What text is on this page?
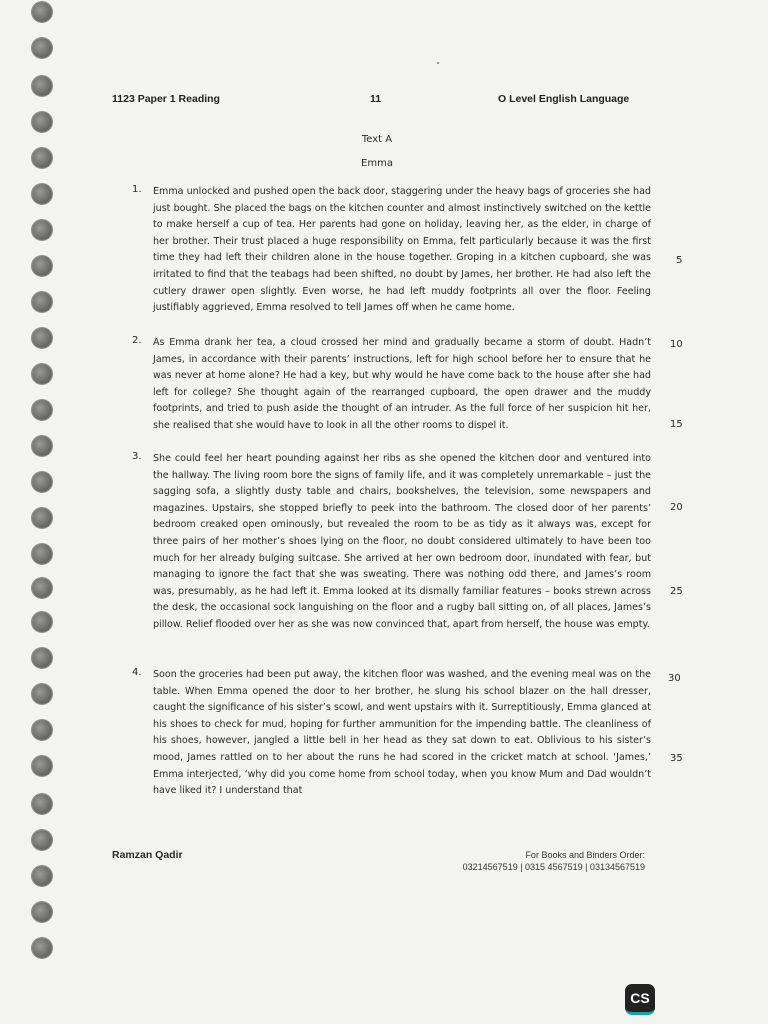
1123 Paper 1 Reading	11	O Level English Language
Text A
Emma
1. Emma unlocked and pushed open the back door, staggering under the heavy bags of groceries she had just bought. She placed the bags on the kitchen counter and almost instinctively switched on the kettle to make herself a cup of tea. Her parents had gone on holiday, leaving her, as the elder, in charge of her brother. Their trust placed a huge responsibility on Emma, felt particularly because it was the first time they had left their children alone in the house together. Groping in a kitchen cupboard, she was irritated to find that the teabags had been shifted, no doubt by James, her brother. He had also left the cutlery drawer open slightly. Even worse, he had left muddy footprints all over the floor. Feeling justifiably aggrieved, Emma resolved to tell James off when he came home.
2. As Emma drank her tea, a cloud crossed her mind and gradually became a storm of doubt. Hadn’t James, in accordance with their parents’ instructions, left for high school before her to ensure that he was never at home alone? He had a key, but why would he have come back to the house after she had left for college? She thought again of the rearranged cupboard, the open drawer and the muddy footprints, and tried to push aside the thought of an intruder. As the full force of her suspicion hit her, she realised that she would have to look in all the other rooms to dispel it.
3. She could feel her heart pounding against her ribs as she opened the kitchen door and ventured into the hallway. The living room bore the signs of family life, and it was completely unremarkable – just the sagging sofa, a slightly dusty table and chairs, bookshelves, the television, some newspapers and magazines. Upstairs, she stopped briefly to peek into the bathroom. The closed door of her parents’ bedroom creaked open ominously, but revealed the room to be as tidy as it always was, except for three pairs of her mother’s shoes lying on the floor, no doubt considered ultimately to have been too much for her already bulging suitcase. She arrived at her own bedroom door, inundated with fear, but managing to ignore the fact that she was sweating. There was nothing odd there, and James’s room was, presumably, as he had left it. Emma looked at its dismally familiar features – books strewn across the desk, the occasional sock languishing on the floor and a rugby ball sitting on, of all places, James’s pillow. Relief flooded over her as she was now convinced that, apart from herself, the house was empty.
4. Soon the groceries had been put away, the kitchen floor was washed, and the evening meal was on the table. When Emma opened the door to her brother, he slung his school blazer on the hall dresser, caught the significance of his sister’s scowl, and went upstairs with it. Surreptitiously, Emma glanced at his shoes to check for mud, hoping for further ammunition for the impending battle. The cleanliness of his shoes, however, jangled a little bell in her head as they sat down to eat. Oblivious to his sister’s mood, James rattled on to her about the runs he had scored in the cricket match at school. ‘James,’ Emma interjected, ‘why did you come home from school today, when you know Mum and Dad wouldn’t have liked it? I understand that
5
10
15
20
25
30
35
Ramzan Qadir	For Books and Binders Order:
03214567519 | 0315 4567519 | 03134567519
CS
